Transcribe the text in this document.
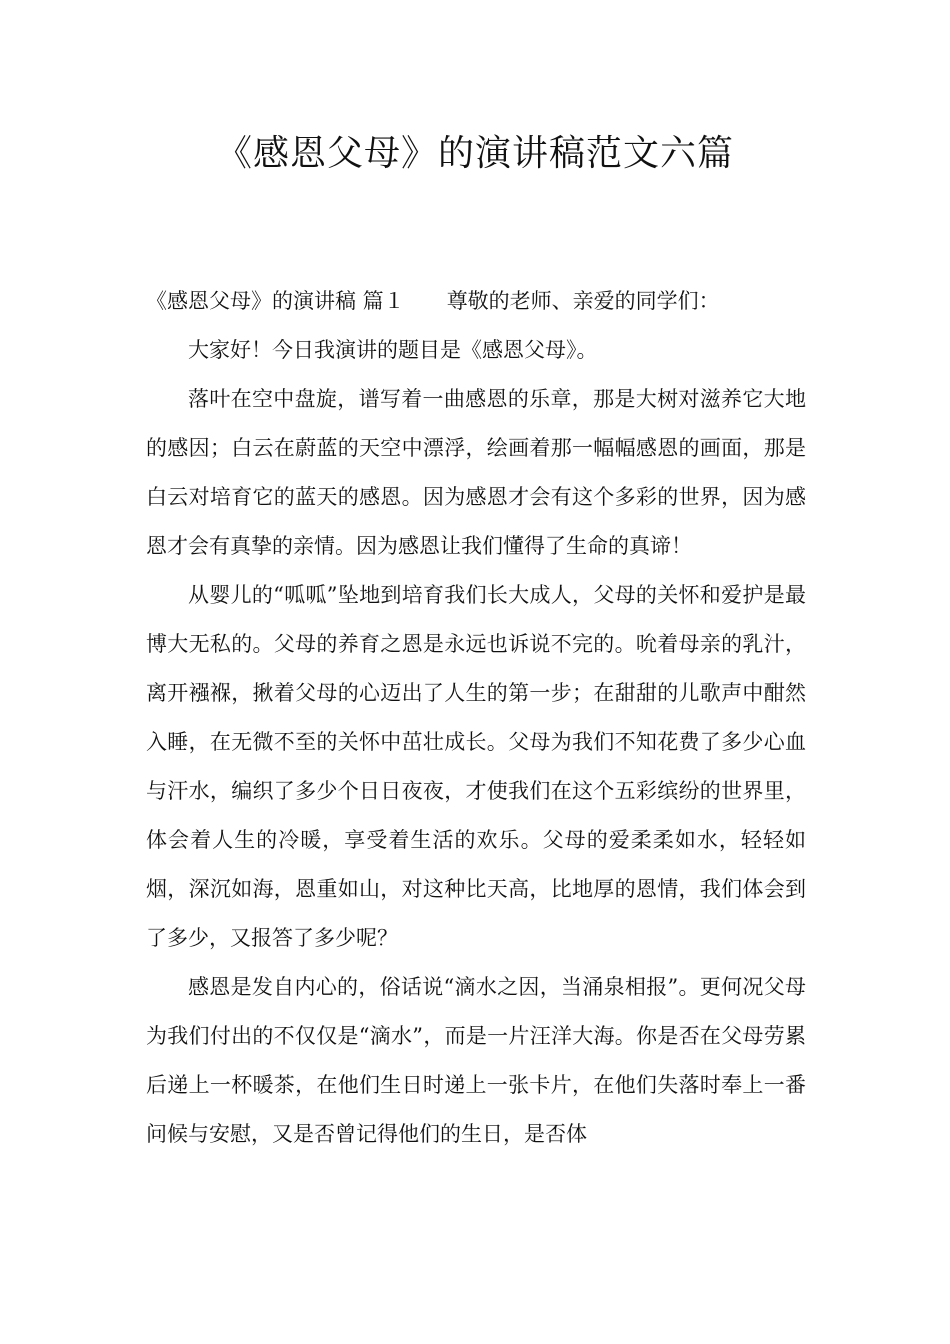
《感恩父母》的演讲稿范文六篇

《感恩父母》的演讲稿 篇１ 尊敬的老师、亲爱的同学们：

大家好！今日我演讲的题目是《感恩父母》。

落叶在空中盘旋，谱写着一曲感恩的乐章，那是大树对滋养它大地的感因；白云在蔚蓝的天空中漂浮，绘画着那一幅幅感恩的画面，那是白云对培育它的蓝天的感恩。因为感恩才会有这个多彩的世界，因为感恩才会有真挚的亲情。因为感恩让我们懂得了生命的真谛！

从婴儿的“呱呱”坠地到培育我们长大成人，父母的关怀和爱护是最博大无私的。父母的养育之恩是永远也诉说不完的。吮着母亲的乳汁，离开襁褓，揪着父母的心迈出了人生的第一步；在甜甜的儿歌声中酣然入睡，在无微不至的关怀中茁壮成长。父母为我们不知花费了多少心血与汗水，编织了多少个日日夜夜，才使我们在这个五彩缤纷的世界里，体会着人生的冷暖，享受着生活的欢乐。父母的爱柔柔如水，轻轻如烟，深沉如海，恩重如山，对这种比天高，比地厚的恩情，我们体会到了多少，又报答了多少呢？

感恩是发自内心的，俗话说“滴水之因，当涌泉相报”。更何况父母为我们付出的不仅仅是“滴水”，而是一片汪洋大海。你是否在父母劳累后递上一杯暖茶，在他们生日时递上一张卡片，在他们失落时奉上一番问候与安慰，又是否曾记得他们的生日，是否体
